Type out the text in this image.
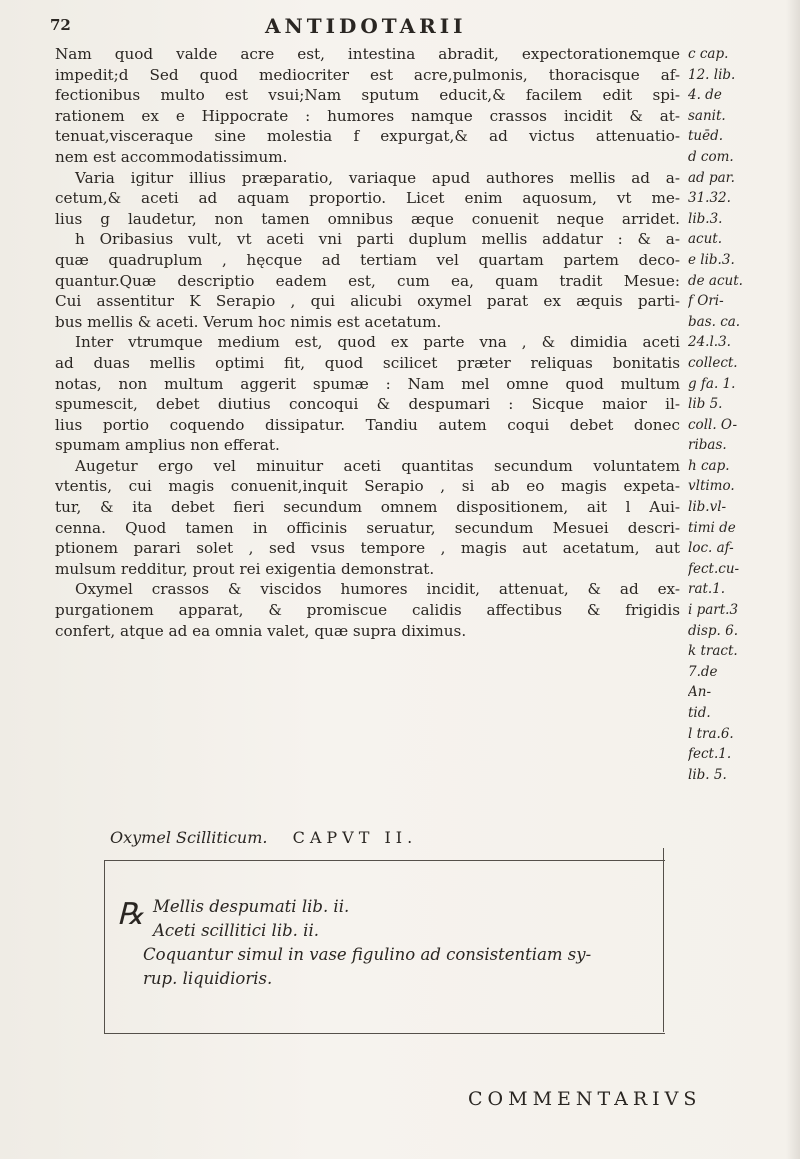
72	ANTIDOTARII
Nam quod valde acre est, intestina abradit, expectorationemque
impedit;d Sed quod mediocriter est acre,pulmonis, thoracisque af-
fectionibus multo est vsui;Nam sputum educit,& facilem edit spi-
rationem ex e Hippocrate : humores namque crassos incidit & at-
tenuat,visceraque sine molestia f expurgat,& ad victus attenuatio-
nem est accommodatissimum.
Varia igitur illius præparatio, variaque apud authores mellis ad a-
cetum,& aceti ad aquam proportio. Licet enim aquosum, vt me-
lius g laudetur, non tamen omnibus æque conuenit neque arridet.
h Oribasius vult, vt aceti vni parti duplum mellis addatur : & a-
quæ quadruplum , hęcque ad tertiam vel quartam partem deco-
quantur.Quæ descriptio eadem est, cum ea, quam tradit Mesue:
Cui assentitur K Serapio , qui alicubi oxymel parat ex æquis parti-
bus mellis & aceti. Verum hoc nimis est acetatum.
Inter vtrumque medium est, quod ex parte vna , & dimidia aceti
ad duas mellis optimi fit, quod scilicet præter reliquas bonitatis
notas, non multum aggerit spumæ : Nam mel omne quod multum
spumescit, debet diutius concoqui & despumari : Sicque maior il-
lius portio coquendo dissipatur. Tandiu autem coqui debet donec
spumam amplius non efferat.
Augetur ergo vel minuitur aceti quantitas secundum voluntatem
vtentis, cui magis conuenit,inquit Serapio , si ab eo magis expeta-
tur, & ita debet fieri secundum omnem dispositionem, ait l Aui-
cenna. Quod tamen in officinis seruatur, secundum Mesuei descri-
ptionem parari solet , sed vsus tempore , magis aut acetatum, aut
mulsum redditur, prout rei exigentia demonstrat.
Oxymel crassos & viscidos humores incidit, attenuat, & ad ex-
purgationem apparat, & promiscue calidis affectibus & frigidis
confert, atque ad ea omnia valet, quæ supra diximus.
c cap.
12. lib.
4. de
sanit.
tuēd.
d com.
ad par.
31.32.
lib.3.
acut.
e lib.3.
de acut.
f Ori-
bas. ca.
24.l.3.
collect.
g fa. 1.
lib 5.
coll. O-
ribas.
h cap.
vltimo.
lib.vl-
timi de
loc. af-
fect.cu-
rat.1.
i part.3
disp. 6.
k tract.
7.de
An-
tid.
l tra.6.
fect.1.
lib. 5.
Oxymel Scilliticum. CAPVT II.
℞ Mellis despumati lib. ii.
Aceti scillitici lib. ii.
Coquantur simul in vase figulino ad consistentiam sy-
rup. liquidioris.
COMMENTARIVS
